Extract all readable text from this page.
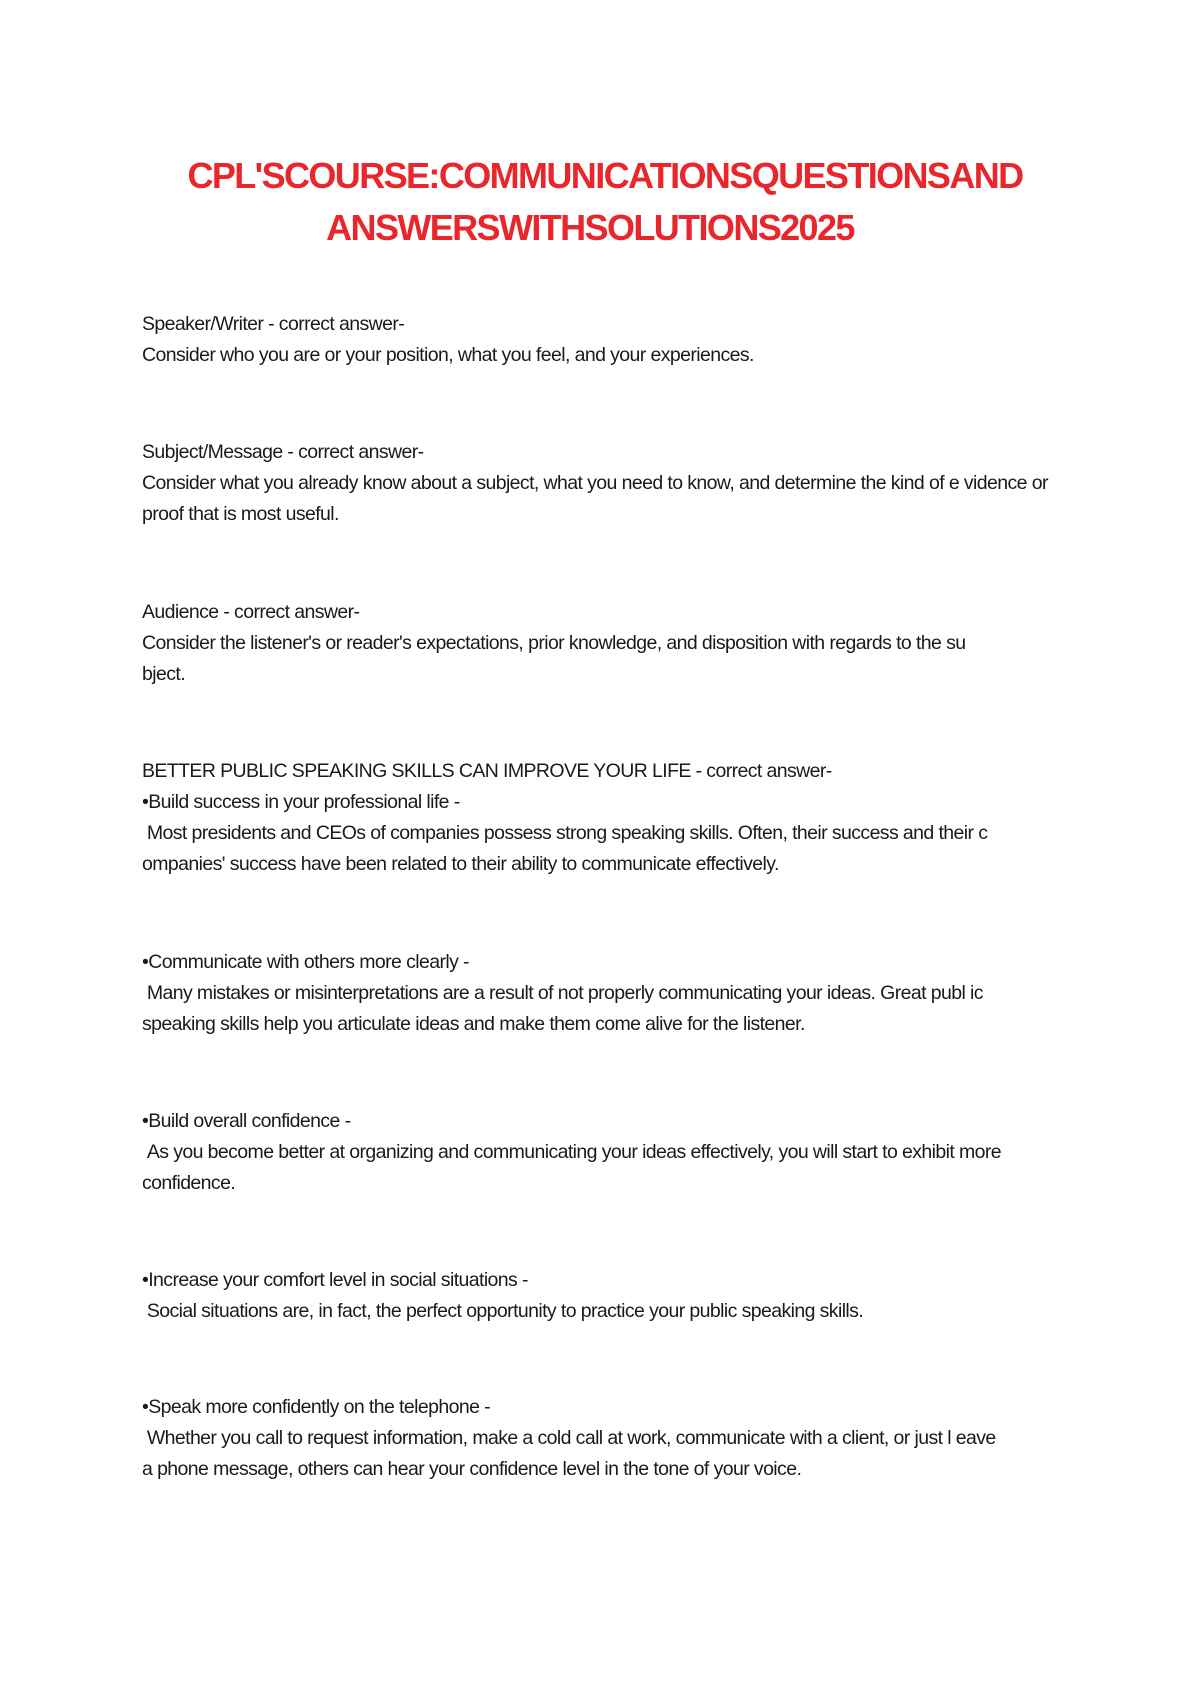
CPL'SCOURSE:COMMUNICATIONSQUESTIONSAND
ANSWERSWITHSOLUTIONS2025
Speaker/Writer - correct answer-
Consider who you are or your position, what you feel, and your experiences.
Subject/Message - correct answer-
Consider what you already know about a subject, what you need to know, and determine the kind of e vidence or
proof that is most useful.
Audience - correct answer-
Consider the listener's or reader's expectations, prior knowledge, and disposition with regards to the su
bject.
BETTER PUBLIC SPEAKING SKILLS CAN IMPROVE YOUR LIFE - correct answer-
•Build success in your professional life -
Most presidents and CEOs of companies possess strong speaking skills. Often, their success and their c
ompanies' success have been related to their ability to communicate effectively.
•Communicate with others more clearly -
Many mistakes or misinterpretations are a result of not properly communicating your ideas. Great publ ic
speaking skills help you articulate ideas and make them come alive for the listener.
•Build overall confidence -
As you become better at organizing and communicating your ideas effectively, you will start to exhibit more
confidence.
•Increase your comfort level in social situations -
Social situations are, in fact, the perfect opportunity to practice your public speaking skills.
•Speak more confidently on the telephone -
Whether you call to request information, make a cold call at work, communicate with a client, or just l eave
a phone message, others can hear your confidence level in the tone of your voice.
